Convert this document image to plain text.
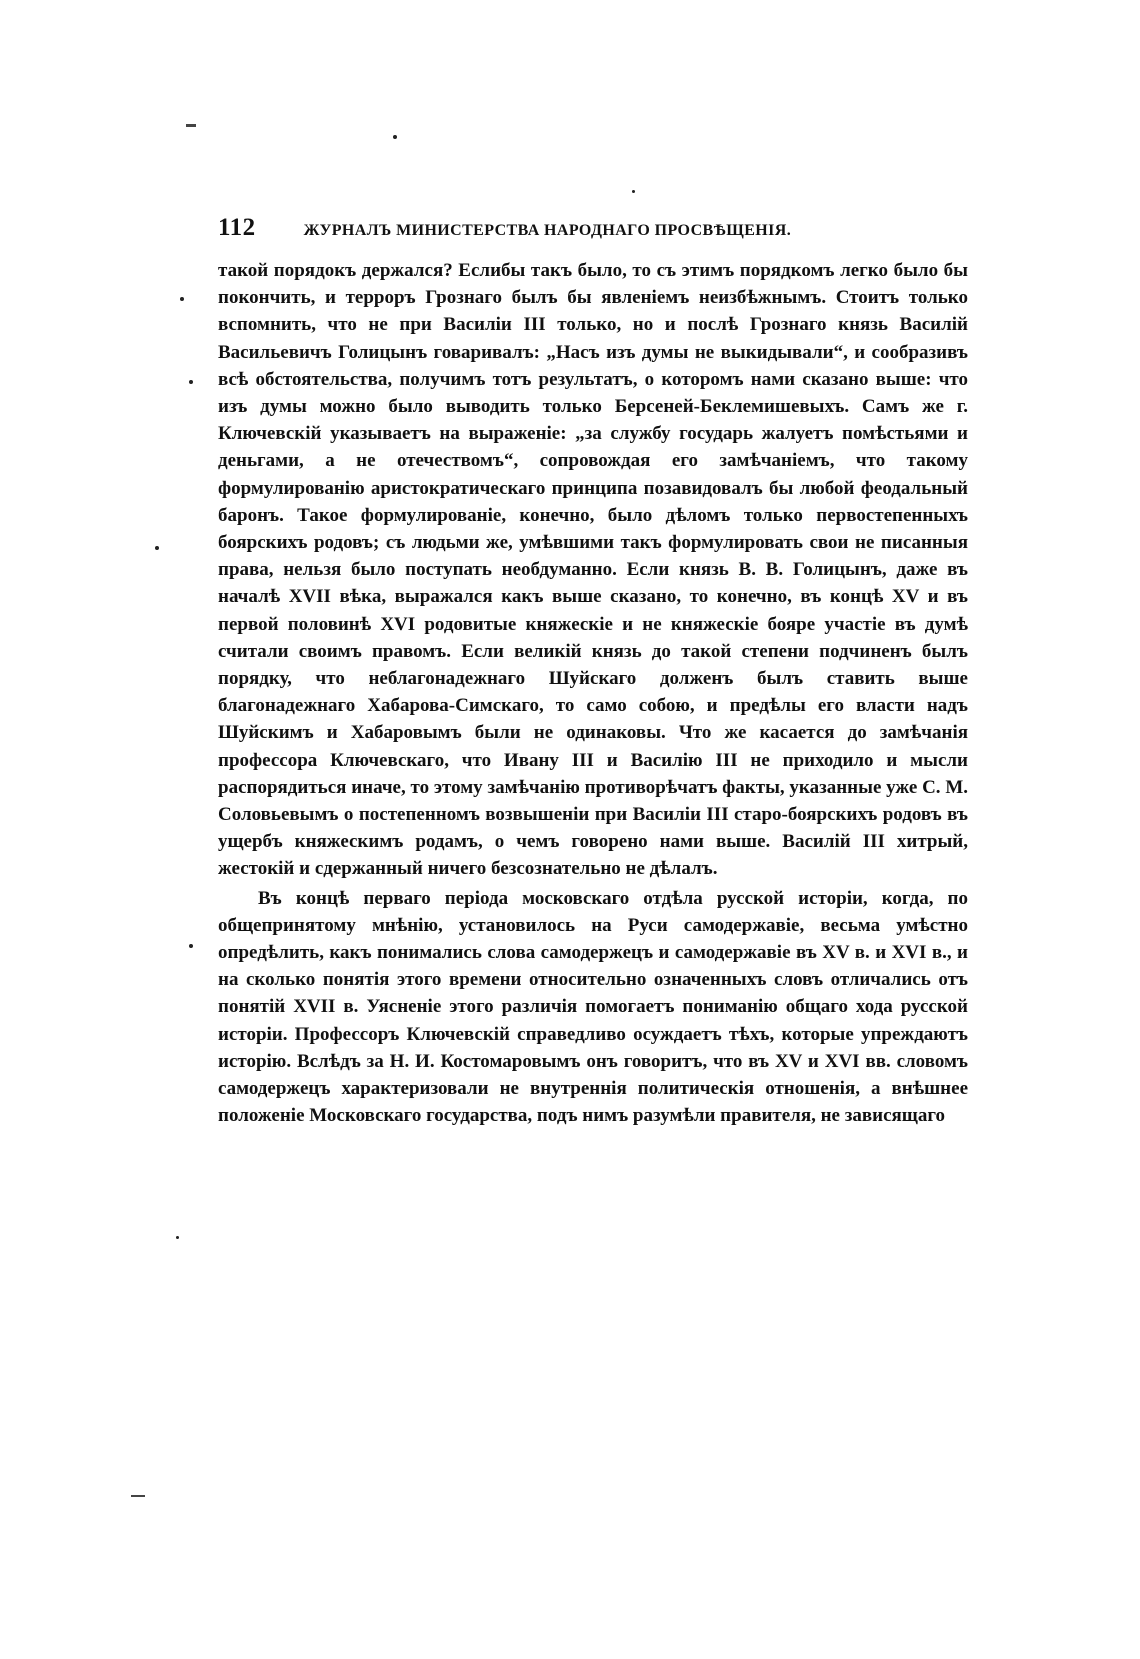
112	ЖУРНАЛЪ МИНИСТЕРСТВА НАРОДНАГО ПРОСВѢЩЕНІЯ.

такой порядокъ держался? Еслибы такъ было, то съ этимъ порядкомъ легко было бы покончить, и терроръ Грознаго былъ бы явленіемъ неизбѣжнымъ. Стоитъ только вспомнить, что не при Василіи III только, но и послѣ Грознаго князь Василій Васильевичъ Голицынъ говаривалъ: „Насъ изъ думы не выкидывали“, и сообразивъ всѣ обстоятельства, получимъ тотъ результатъ, о которомъ нами сказано выше: что изъ думы можно было выводить только Берсеней-Беклемишевыхъ. Самъ же г. Ключевскій указываетъ на выраженіе: „за службу государь жалуетъ помѣстьями и деньгами, а не отечествомъ“, сопровождая его замѣчаніемъ, что такому формулированію аристократическаго принципа позавидовалъ бы любой феодальный баронъ. Такое формулированіе, конечно, было дѣломъ только первостепенныхъ боярскихъ родовъ; съ людьми же, умѣвшими такъ формулировать свои не писанныя права, нельзя было поступать необдуманно. Если князь В. В. Голицынъ, даже въ началѣ XVII вѣка, выражался какъ выше сказано, то конечно, въ концѣ XV и въ первой половинѣ XVI родовитые княжескіе и не княжескіе бояре участіе въ думѣ считали своимъ правомъ. Если великій князь до такой степени подчиненъ былъ порядку, что неблагонадежнаго Шуйскаго долженъ былъ ставить выше благонадежнаго Хабарова-Симскаго, то само собою, и предѣлы его власти надъ Шуйскимъ и Хабаровымъ были не одинаковы. Что же касается до замѣчанія профессора Ключевскаго, что Ивану III и Василію III не приходило и мысли распорядиться иначе, то этому замѣчанію противорѣчатъ факты, указанные уже С. М. Соловьевымъ о постепенномъ возвышеніи при Василіи III старо-боярскихъ родовъ въ ущербъ княжескимъ родамъ, о чемъ говорено нами выше. Василій III хитрый, жестокій и сдержанный ничего безсознательно не дѣлалъ.

Въ концѣ перваго періода московскаго отдѣла русской исторіи, когда, по общепринятому мнѣнію, установилось на Руси самодержавіе, весьма умѣстно опредѣлить, какъ понимались слова самодержецъ и самодержавіе въ XV в. и XVI в., и на сколько понятія этого времени относительно означенныхъ словъ отличались отъ понятій XVII в. Уясненіе этого различія помогаетъ пониманію общаго хода русской исторіи. Профессоръ Ключевскій справедливо осуждаетъ тѣхъ, которые упреждаютъ исторію. Вслѣдъ за Н. И. Костомаровымъ онъ говоритъ, что въ XV и XVI вв. словомъ самодержецъ характеризовали не внутреннія политическія отношенія, а внѣшнее положеніе Московскаго государства, подъ нимъ разумѣли правителя, не зависящаго
